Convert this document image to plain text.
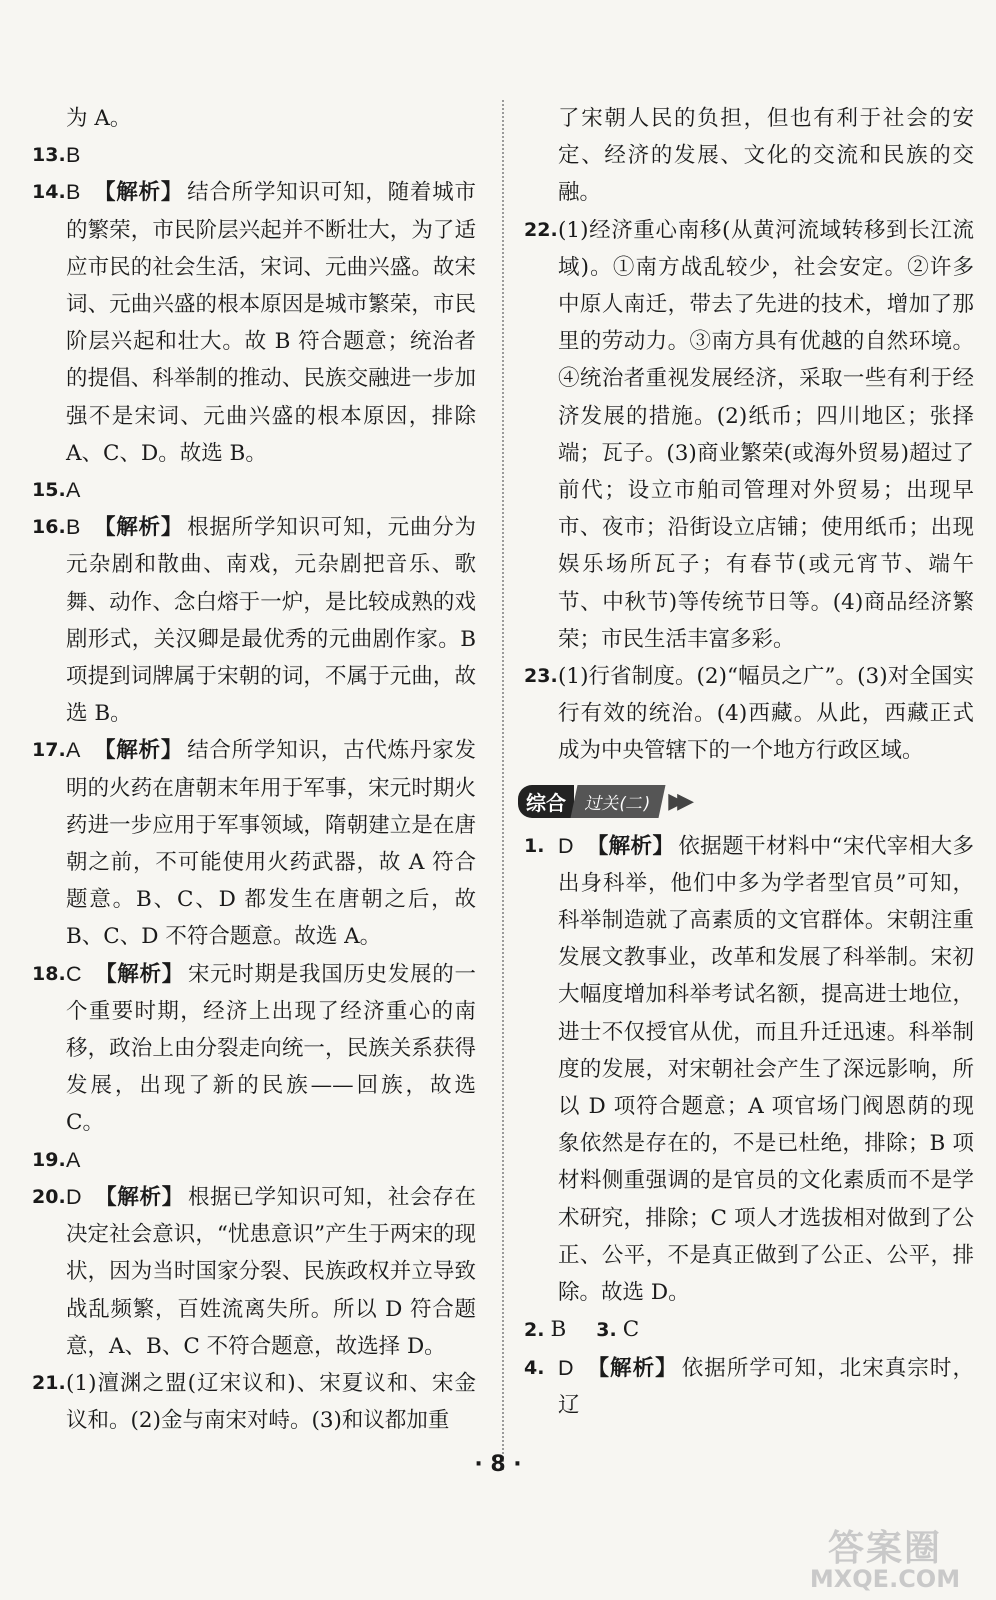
为 A。

13. B
14. B 【解析】 结合所学知识可知，随着城市的繁荣，市民阶层兴起并不断壮大，为了适应市民的社会生活，宋词、元曲兴盛。故宋词、元曲兴盛的根本原因是城市繁荣，市民阶层兴起和壮大。故 B 符合题意；统治者的提倡、科举制的推动、民族交融进一步加强不是宋词、元曲兴盛的根本原因，排除 A、C、D。故选 B。
15. A
16. B 【解析】 根据所学知识可知，元曲分为元杂剧和散曲、南戏，元杂剧把音乐、歌舞、动作、念白熔于一炉，是比较成熟的戏剧形式，关汉卿是最优秀的元曲剧作家。B 项提到词牌属于宋朝的词，不属于元曲，故选 B。
17. A 【解析】 结合所学知识，古代炼丹家发明的火药在唐朝末年用于军事，宋元时期火药进一步应用于军事领域，隋朝建立是在唐朝之前，不可能使用火药武器，故 A 符合题意。B、C、D 都发生在唐朝之后，故 B、C、D 不符合题意。故选 A。
18. C 【解析】 宋元时期是我国历史发展的一个重要时期，经济上出现了经济重心的南移，政治上由分裂走向统一，民族关系获得发展，出现了新的民族——回族，故选 C。
19. A
20. D 【解析】 根据已学知识可知，社会存在决定社会意识，“忧患意识”产生于两宋的现状，因为当时国家分裂、民族政权并立导致战乱频繁，百姓流离失所。所以 D 符合题意，A、B、C 不符合题意，故选择 D。
21. (1)澶渊之盟(辽宋议和)、宋夏议和、宋金议和。(2)金与南宋对峙。(3)和议都加重

了宋朝人民的负担，但也有利于社会的安定、经济的发展、文化的交流和民族的交融。

22. (1)经济重心南移(从黄河流域转移到长江流域)。①南方战乱较少，社会安定。②许多中原人南迁，带去了先进的技术，增加了那里的劳动力。③南方具有优越的自然环境。④统治者重视发展经济，采取一些有利于经济发展的措施。(2)纸币；四川地区；张择端；瓦子。(3)商业繁荣(或海外贸易)超过了前代；设立市舶司管理对外贸易；出现早市、夜市；沿街设立店铺；使用纸币；出现娱乐场所瓦子；有春节(或元宵节、端午节、中秋节)等传统节日等。(4)商品经济繁荣；市民生活丰富多彩。
23. (1)行省制度。(2)“幅员之广”。(3)对全国实行有效的统治。(4)西藏。从此，西藏正式成为中央管辖下的一个地方行政区域。
综合	过关(二) ▶▶
1. D 【解析】 依据题干材料中“宋代宰相大多出身科举，他们中多为学者型官员”可知，科举制造就了高素质的文官群体。宋朝注重发展文教事业，改革和发展了科举制。宋初大幅度增加科举考试名额，提高进士地位，进士不仅授官从优，而且升迁迅速。科举制度的发展，对宋朝社会产生了深远影响，所以 D 项符合题意；A 项官场门阀恩荫的现象依然是存在的，不是已杜绝，排除；B 项材料侧重强调的是官员的文化素质而不是学术研究，排除；C 项人才选拔相对做到了公正、公平，不是真正做到了公正、公平，排除。故选 D。
2. B 3. C
4. D 【解析】 依据所学可知，北宋真宗时，辽
· 8 ·
答案圈
MXQE.COM
